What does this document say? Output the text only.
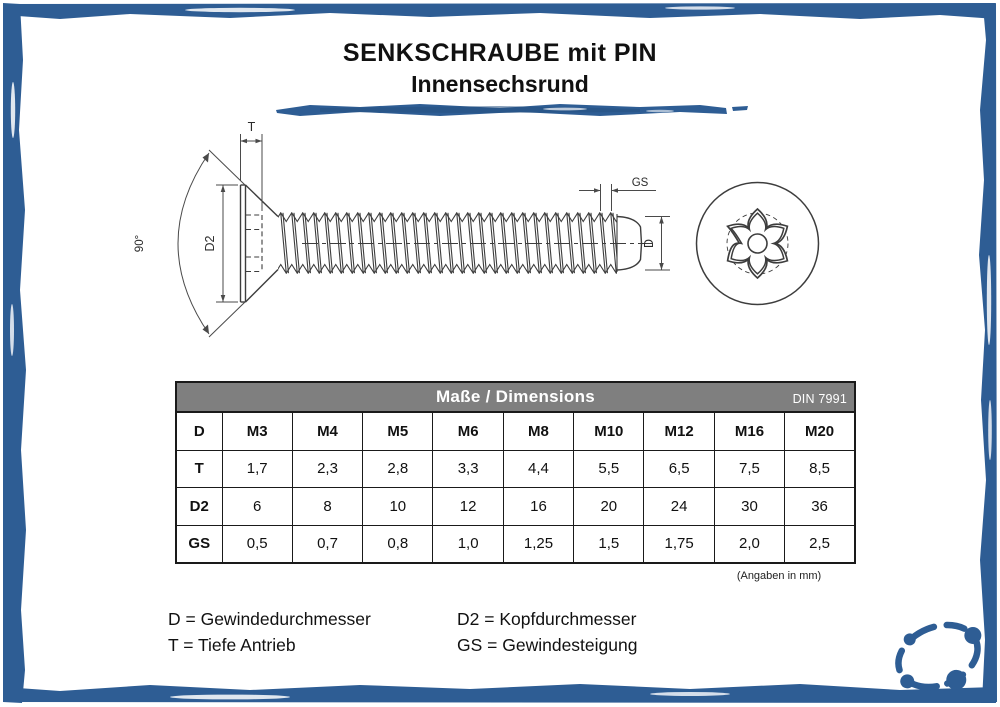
T
90°	D2
GS
D
SENKSCHRAUBE mit PIN
Innensechsrund
Maße / Dimensions	DIN 7991
D	M3	M4	M5	M6	M8	M10	M12	M16	M20
T	1,7	2,3	2,8	3,3	4,4	5,5	6,5	7,5	8,5
D2	6	8	10	12	16	20	24	30	36
GS	0,5	0,7	0,8	1,0	1,25	1,5	1,75	2,0	2,5
(Angaben in mm)
D = Gewindedurchmesser
T = Tiefe Antrieb
D2 = Kopfdurchmesser
GS = Gewindesteigung
